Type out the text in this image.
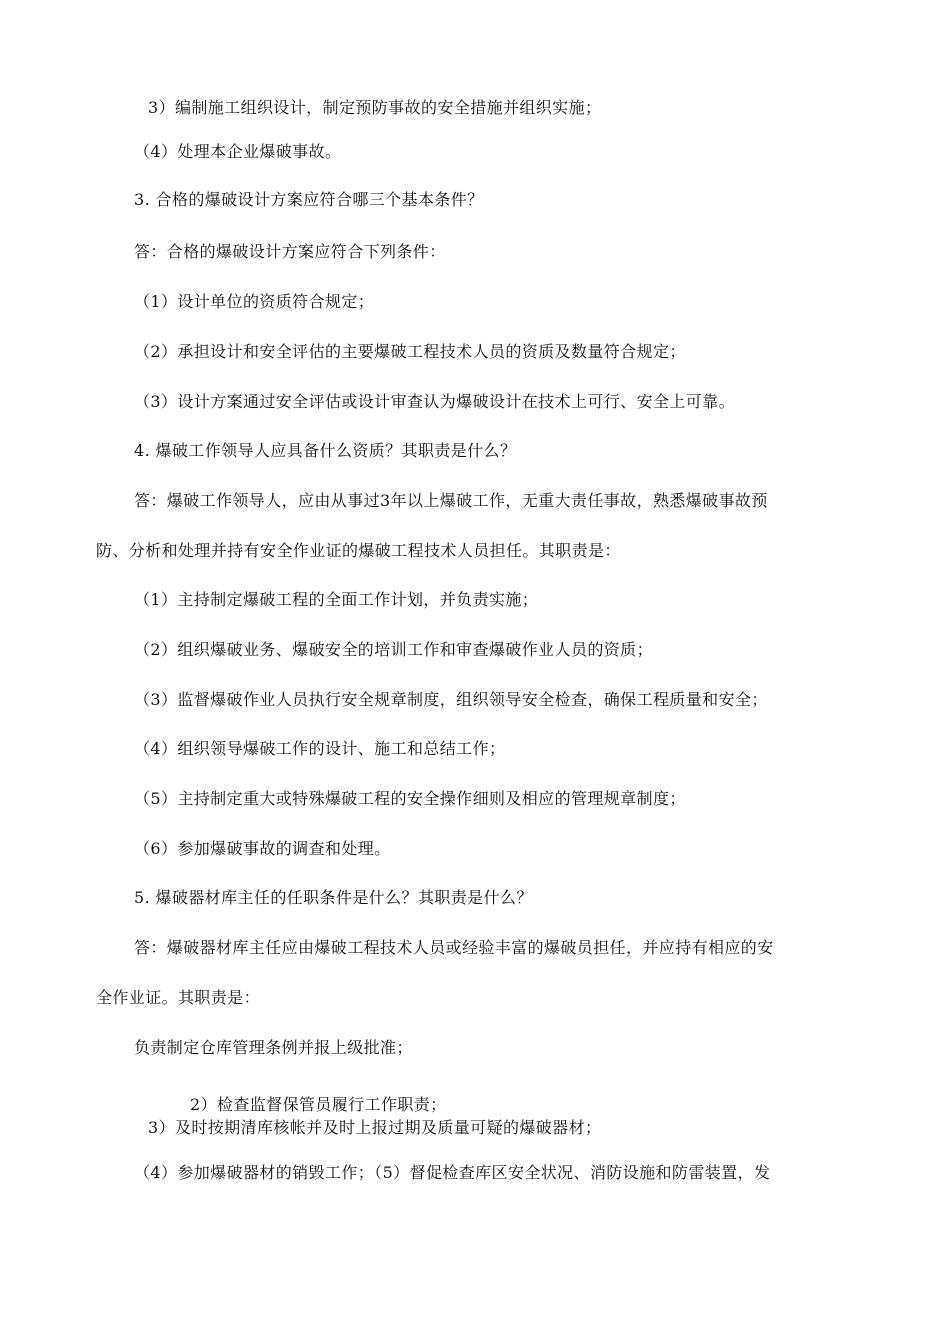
3）编制施工组织设计，制定预防事故的安全措施并组织实施；

（4）处理本企业爆破事故。

3. 合格的爆破设计方案应符合哪三个基本条件？

答：合格的爆破设计方案应符合下列条件：

（1）设计单位的资质符合规定；

（2）承担设计和安全评估的主要爆破工程技术人员的资质及数量符合规定；

（3）设计方案通过安全评估或设计审查认为爆破设计在技术上可行、安全上可靠。

4. 爆破工作领导人应具备什么资质？其职责是什么？

答：爆破工作领导人，应由从事过3年以上爆破工作，无重大责任事故，熟悉爆破事故预

防、分析和处理并持有安全作业证的爆破工程技术人员担任。其职责是：

（1）主持制定爆破工程的全面工作计划，并负责实施；

（2）组织爆破业务、爆破安全的培训工作和审查爆破作业人员的资质；

（3）监督爆破作业人员执行安全规章制度，组织领导安全检查，确保工程质量和安全；

（4）组织领导爆破工作的设计、施工和总结工作；

（5）主持制定重大或特殊爆破工程的安全操作细则及相应的管理规章制度；

（6）参加爆破事故的调查和处理。

5. 爆破器材库主任的任职条件是什么？其职责是什么？

答：爆破器材库主任应由爆破工程技术人员或经验丰富的爆破员担任，并应持有相应的安

全作业证。其职责是：

负责制定仓库管理条例并报上级批准；

2）检查监督保管员履行工作职责；

3）及时按期清库核帐并及时上报过期及质量可疑的爆破器材；

（4）参加爆破器材的销毁工作；（5）督促检查库区安全状况、消防设施和防雷装置，发
